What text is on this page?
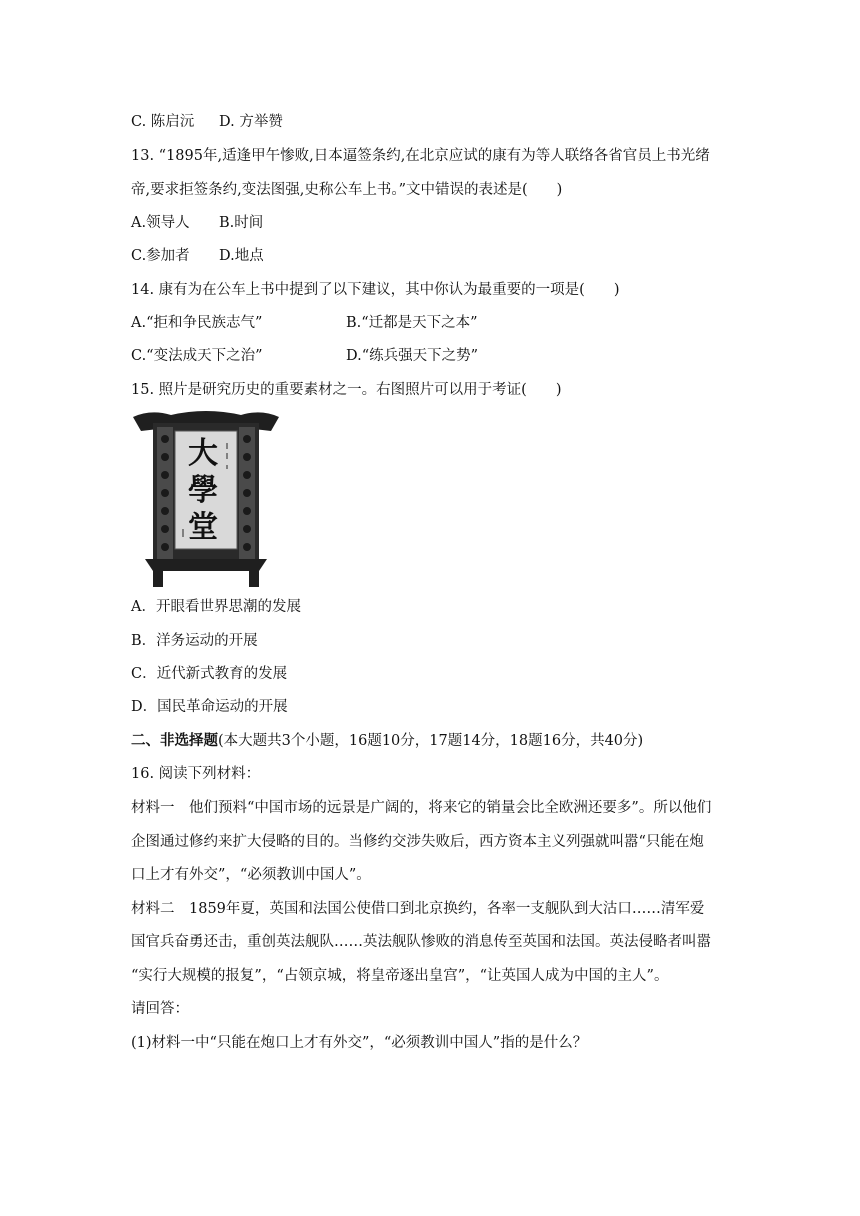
C. 陈启沅 D. 方举赞
13. “1895年,适逢甲午惨败,日本逼签条约,在北京应试的康有为等人联络各省官员上书光绪
帝,要求拒签条约,变法图强,史称公车上书。”文中错误的表述是(　　)
A.领导人 B.时间
C.参加者 D.地点
14. 康有为在公车上书中提到了以下建议，其中你认为最重要的一项是(　　)
A.“拒和争民族志气”	B.“迁都是天下之本”
C.“变法成天下之治”	D.“练兵强天下之势”
15. 照片是研究历史的重要素材之一。右图照片可以用于考证(　　)
大學堂
A．开眼看世界思潮的发展
B．洋务运动的开展
C．近代新式教育的发展
D．国民革命运动的开展
二、非选择题(本大题共3个小题，16题10分，17题14分，18题16分，共40分)
16. 阅读下列材料：
材料一　他们预料“中国市场的远景是广阔的，将来它的销量会比全欧洲还要多”。所以他们
企图通过修约来扩大侵略的目的。当修约交涉失败后，西方资本主义列强就叫嚣“只能在炮
口上才有外交”，“必须教训中国人”。
材料二　1859年夏，英国和法国公使借口到北京换约，各率一支舰队到大沽口……清军爱
国官兵奋勇还击，重创英法舰队……英法舰队惨败的消息传至英国和法国。英法侵略者叫嚣
“实行大规模的报复”，“占领京城，将皇帝逐出皇宫”，“让英国人成为中国的主人”。
请回答：
(1)材料一中“只能在炮口上才有外交”，“必须教训中国人”指的是什么？
